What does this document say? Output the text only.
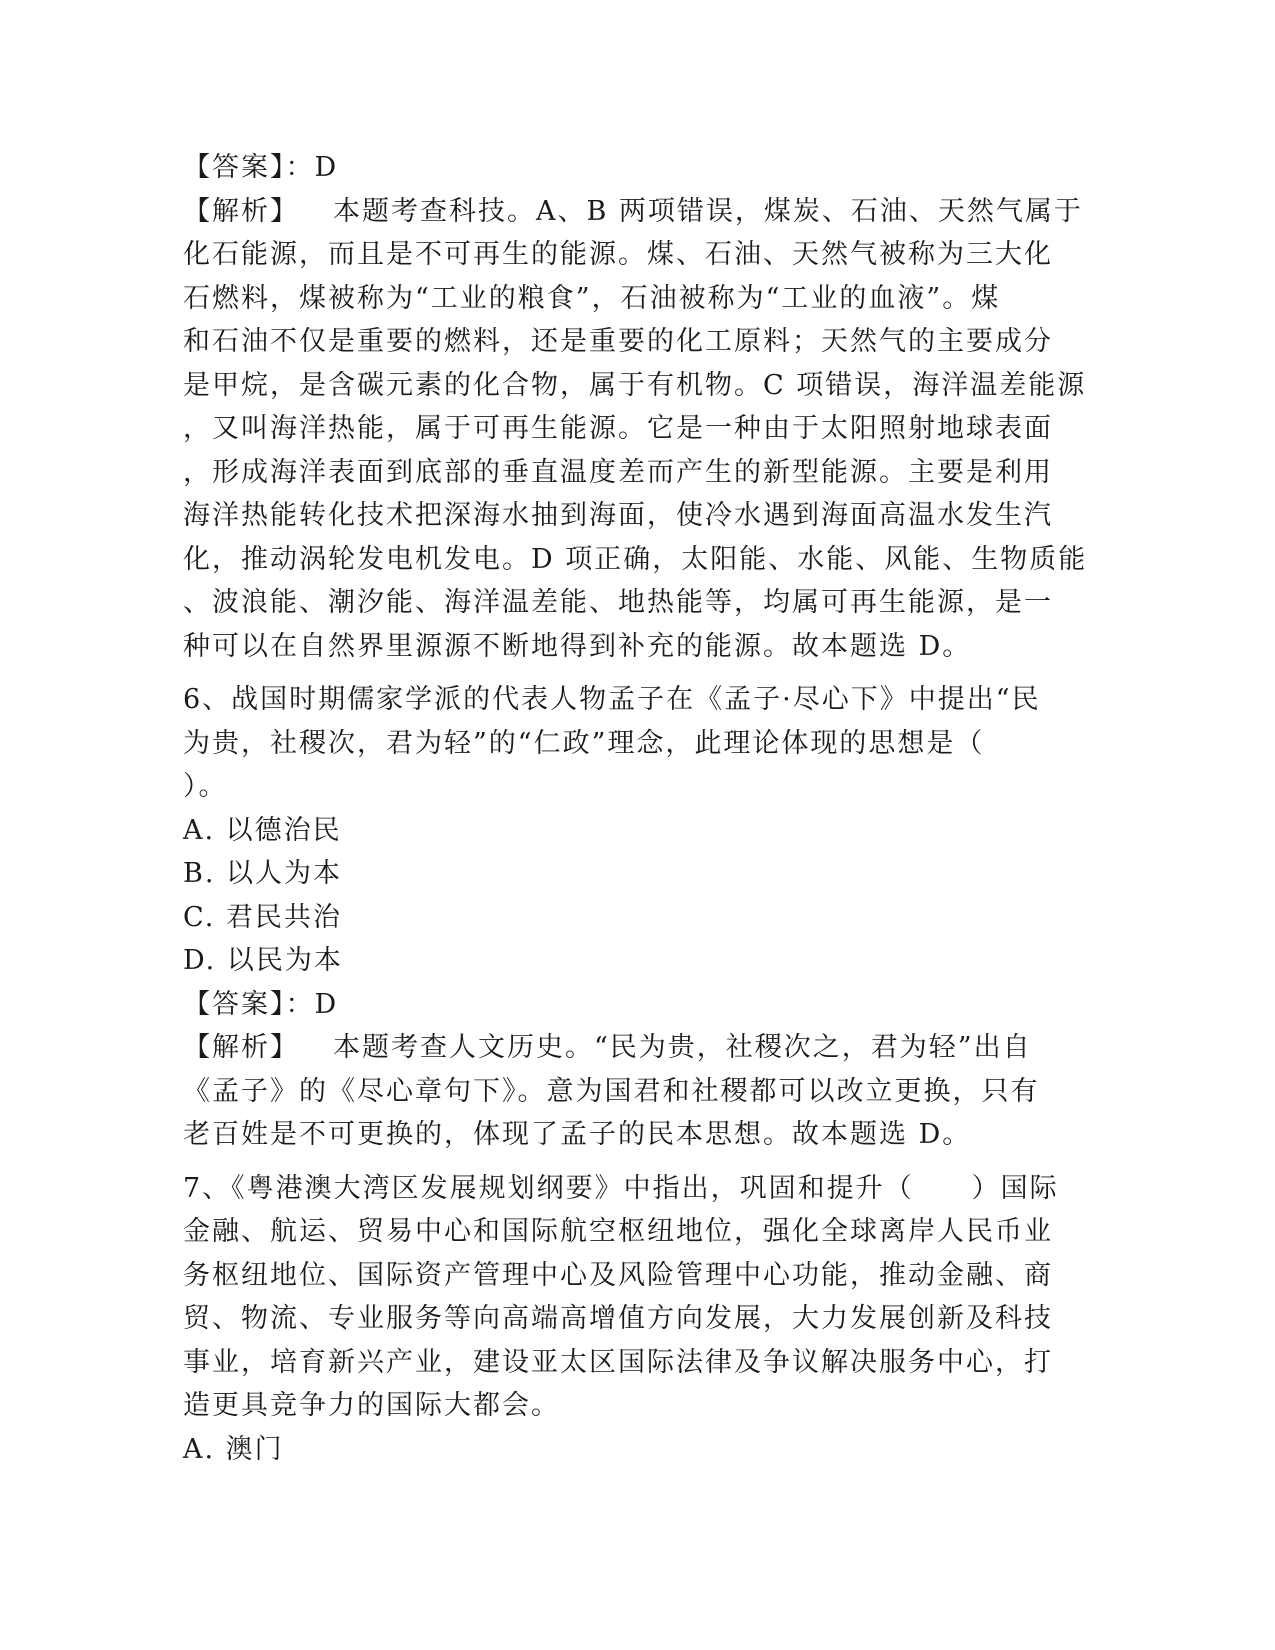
【答案】：D

【解析】 本题考查科技。A、B 两项错误，煤炭、石油、天然气属于

化石能源，而且是不可再生的能源。煤、石油、天然气被称为三大化

石燃料，煤被称为“工业的粮食”，石油被称为“工业的血液”。煤

和石油不仅是重要的燃料，还是重要的化工原料；天然气的主要成分

是甲烷，是含碳元素的化合物，属于有机物。C 项错误，海洋温差能源

，又叫海洋热能，属于可再生能源。它是一种由于太阳照射地球表面

，形成海洋表面到底部的垂直温度差而产生的新型能源。主要是利用

海洋热能转化技术把深海水抽到海面，使冷水遇到海面高温水发生汽

化，推动涡轮发电机发电。D 项正确，太阳能、水能、风能、生物质能

、波浪能、潮汐能、海洋温差能、地热能等，均属可再生能源，是一

种可以在自然界里源源不断地得到补充的能源。故本题选 D。

6、战国时期儒家学派的代表人物孟子在《孟子·尽心下》中提出“民

为贵，社稷次，君为轻”的“仁政”理念，此理论体现的思想是（

）。

A. 以德治民

B. 以人为本

C. 君民共治

D. 以民为本

【答案】：D

【解析】 本题考查人文历史。“民为贵，社稷次之，君为轻”出自

《孟子》的《尽心章句下》。意为国君和社稷都可以改立更换，只有

老百姓是不可更换的，体现了孟子的民本思想。故本题选 D。

7、《粤港澳大湾区发展规划纲要》中指出，巩固和提升（　　）国际

金融、航运、贸易中心和国际航空枢纽地位，强化全球离岸人民币业

务枢纽地位、国际资产管理中心及风险管理中心功能，推动金融、商

贸、物流、专业服务等向高端高增值方向发展，大力发展创新及科技

事业，培育新兴产业，建设亚太区国际法律及争议解决服务中心，打

造更具竞争力的国际大都会。

A. 澳门
